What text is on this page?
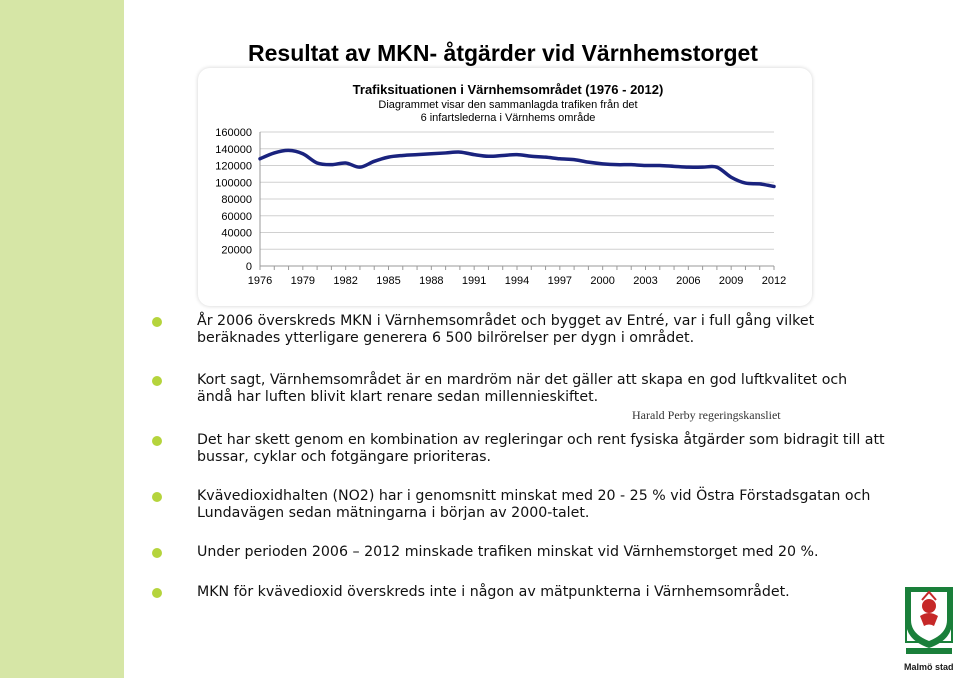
Resultat av MKN- åtgärder vid Värnhemstorget
Trafiksituationen i Värnhemsområdet (1976 - 2012)
Diagrammet visar den sammanlagda trafiken från det
6 infartslederna i Värnhems område
0
20000
40000
60000
80000
100000
120000
140000
160000
1976 1979 1982 1985 1988 1991 1994 1997 2000 2003 2006 2009 2012
År 2006 överskreds MKN i Värnhemsområdet och bygget av Entré, var i full gång vilket beräknades ytterligare generera 6 500 bilrörelser per dygn i området.
Kort sagt, Värnhemsområdet är en mardröm när det gäller att skapa en god luftkvalitet och ändå har luften blivit klart renare sedan millennieskiftet.
Harald Perby regeringskansliet
Det har skett genom en kombination av regleringar och rent fysiska åtgärder som bidragit till att bussar, cyklar och fotgängare prioriteras.
Kvävedioxidhalten (NO2) har i genomsnitt minskat med 20 - 25 % vid Östra Förstadsgatan och Lundavägen sedan mätningarna i början av 2000-talet.
Under perioden 2006 – 2012 minskade trafiken minskat vid Värnhemstorget med 20 %.
MKN för kvävedioxid överskreds inte i någon av mätpunkterna i Värnhemsområdet.
Malmö stad
